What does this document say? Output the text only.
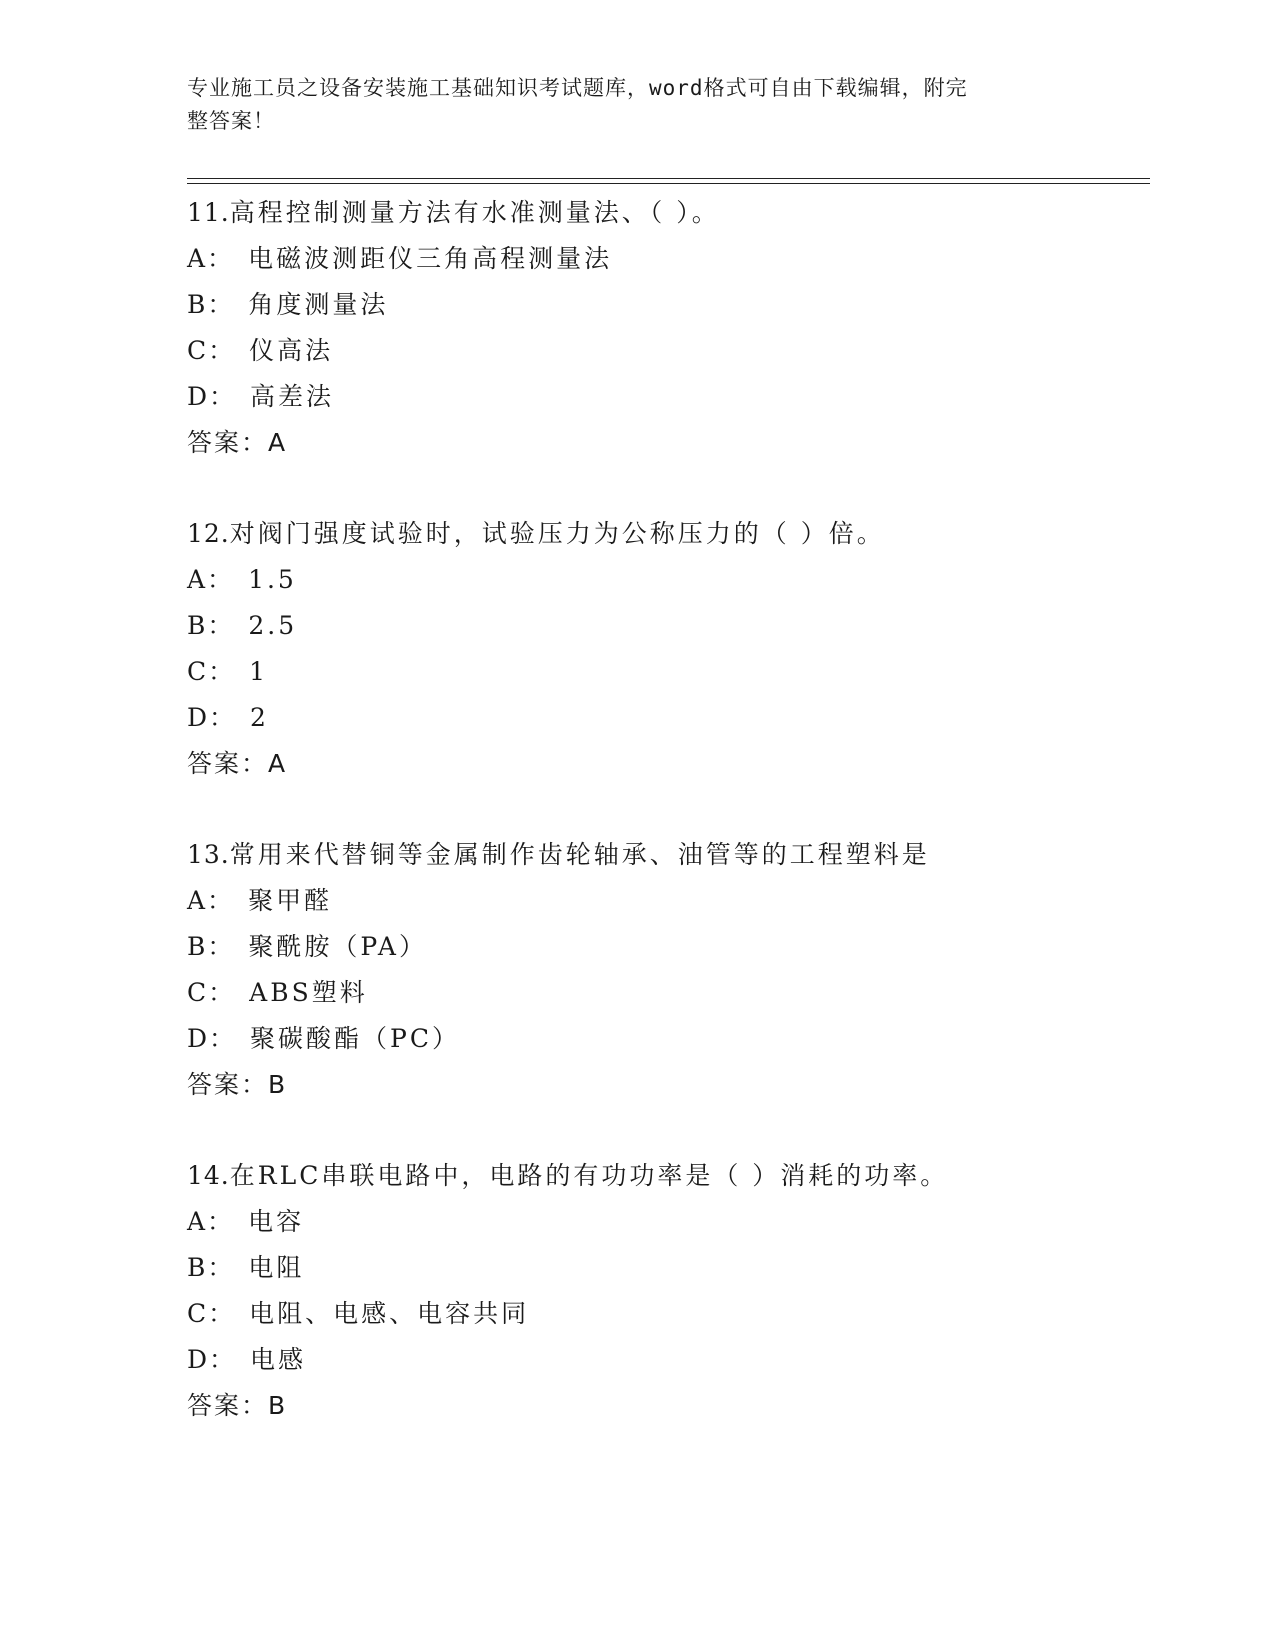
专业施工员之设备安装施工基础知识考试题库，word格式可自由下载编辑，附完
整答案！
11.高程控制测量方法有水准测量法、（ ）。
A： 电磁波测距仪三角高程测量法
B： 角度测量法
C： 仪高法
D： 高差法
答案：A
12.对阀门强度试验时，试验压力为公称压力的（ ）倍。
A： 1.5
B： 2.5
C： 1
D： 2
答案：A
13.常用来代替铜等金属制作齿轮轴承、油管等的工程塑料是
A： 聚甲醛
B： 聚酰胺（PA）
C： ABS塑料
D： 聚碳酸酯（PC）
答案：B
14.在RLC串联电路中，电路的有功功率是（ ）消耗的功率。
A： 电容
B： 电阻
C： 电阻、电感、电容共同
D： 电感
答案：B
